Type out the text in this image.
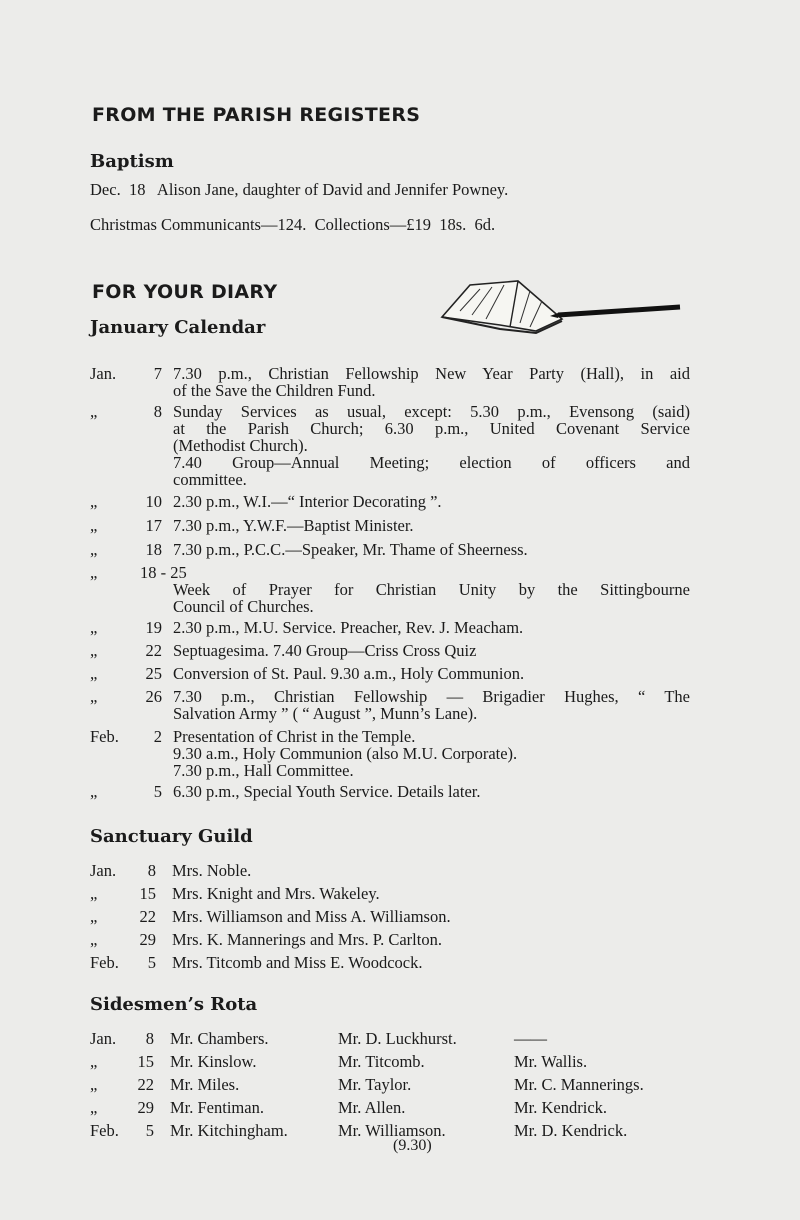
FROM THE PARISH REGISTERS
Baptism
Dec.  18   Alison Jane, daughter of David and Jennifer Powney.
Christmas Communicants—124.  Collections—£19  18s.  6d.
FOR YOUR DIARY
January Calendar
Jan.	7 7.30 p.m., Christian Fellowship New Year Party (Hall), in aid
of the Save the Children Fund.
„	8 Sunday Services as usual, except: 5.30 p.m., Evensong (said)
at the Parish Church; 6.30 p.m., United Covenant Service
(Methodist Church).
7.40 Group—Annual Meeting; election of officers and
committee.
„	10 2.30 p.m., W.I.—“ Interior Decorating ”.
„	17 7.30 p.m., Y.W.F.—Baptist Minister.
„	18 7.30 p.m., P.C.C.—Speaker, Mr. Thame of Sheerness.
„	18 - 25
Week of Prayer for Christian Unity by the Sittingbourne
Council of Churches.
„	19 2.30 p.m., M.U. Service. Preacher, Rev. J. Meacham.
„	22 Septuagesima. 7.40 Group—Criss Cross Quiz
„	25 Conversion of St. Paul. 9.30 a.m., Holy Communion.
„	26 7.30 p.m., Christian Fellowship — Brigadier Hughes, “ The
Salvation Army ” ( “ August ”, Munn’s Lane).
Feb.	2 Presentation of Christ in the Temple.
9.30 a.m., Holy Communion (also M.U. Corporate).
7.30 p.m., Hall Committee.
„	5 6.30 p.m., Special Youth Service. Details later.
Sanctuary Guild
Jan.	8 Mrs. Noble.
„	15 Mrs. Knight and Mrs. Wakeley.
„	22 Mrs. Williamson and Miss A. Williamson.
„	29 Mrs. K. Mannerings and Mrs. P. Carlton.
Feb.	5 Mrs. Titcomb and Miss E. Woodcock.
Sidesmen’s Rota
Jan.	8 Mr. Chambers.	Mr. D. Luckhurst.	——
„	15 Mr. Kinslow.	Mr. Titcomb.	Mr. Wallis.
„	22 Mr. Miles.	Mr. Taylor.	Mr. C. Mannerings.
„	29 Mr. Fentiman.	Mr. Allen.	Mr. Kendrick.
Feb.	5 Mr. Kitchingham.	Mr. Williamson.	Mr. D. Kendrick.
(9.30)
